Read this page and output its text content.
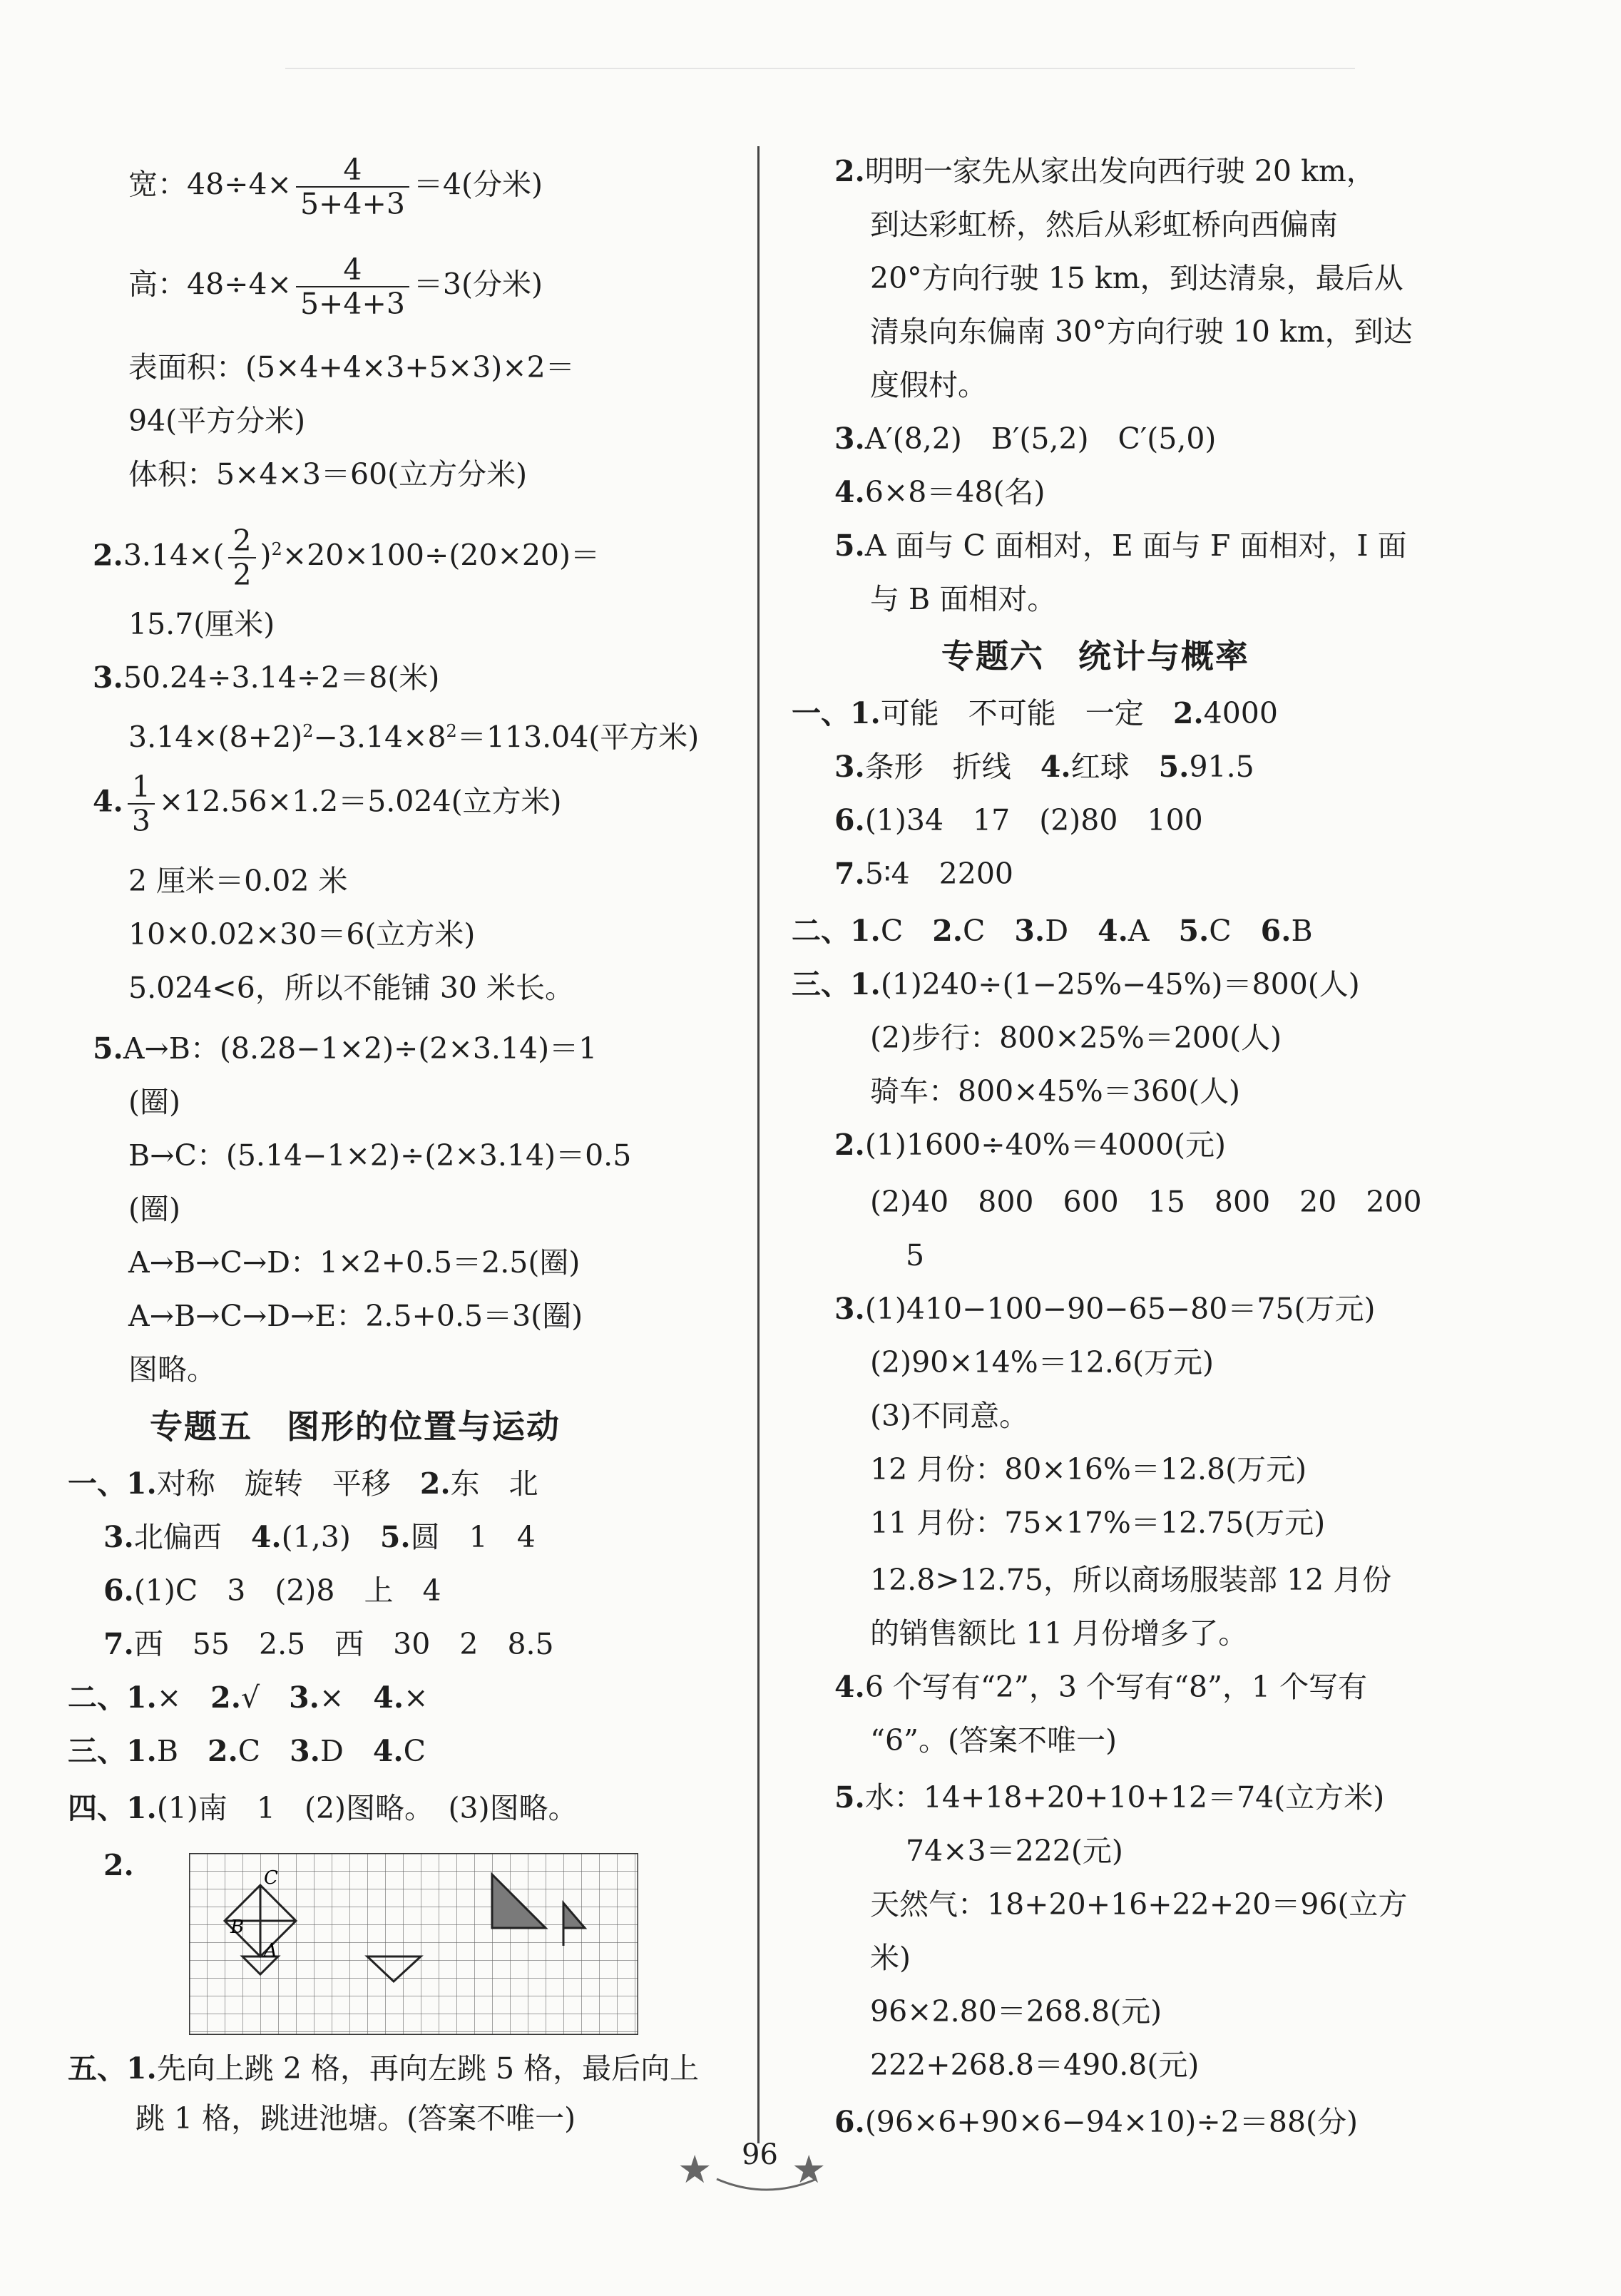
宽：$48\div 4\times \frac{4}{5+4+3} =4$(分米)
高：$48\div 4\times \frac{4}{5+4+3} =3$(分米)
表面积：(5×4+4×3+5×3)×2＝
94(平方分米)
体积：5×4×3＝60(立方分米)
$2.3.14\times( \frac{2}{2} )^2\times 20\times 100\div(20\times 20)=$
15.7(厘米)
3.50.24÷3.14÷2＝8(米)
$3.14\times(8+2)^2-3.14\times 8^2=113.04$(平方米)
4. $\frac{1}{3} \times 12.56\times 1.2=5.024$(立方米)
2 厘米＝0.02 米
10×0.02×30＝6(立方米)
5.024<6，所以不能铺 30 米长。
5.A→B：(8.28−1×2)÷(2×3.14)＝1
(圈)
B→C：(5.14−1×2)÷(2×3.14)＝0.5
(圈)
A→B→C→D：1×2+0.5＝2.5(圈)
A→B→C→D→E：2.5+0.5＝3(圈)
图略。
专题五　图形的位置与运动
一、1.对称　旋转　平移　2.东　北
3.北偏西　4.(1,3)　5.圆　1　4
6.(1)C　3　(2)8　上　4
7.西　55　2.5　西　30　2　8.5
二、1.×　2.√　3.×　4.×
三、1.B　2.C　3.D　4.C
四、1.(1)南　1　(2)图略。　(3)图略。
2.	C
B
A
五、1.先向上跳 2 格，再向左跳 5 格，最后向上
跳 1 格，跳进池塘。(答案不唯一)
2.明明一家先从家出发向西行驶 20 km，
到达彩虹桥，然后从彩虹桥向西偏南
20°方向行驶 15 km，到达清泉，最后从
清泉向东偏南 30°方向行驶 10 km，到达
度假村。
3.A′(8,2)　B′(5,2)　C′(5,0)
4.6×8＝48(名)
5.A 面与 C 面相对，E 面与 F 面相对，I 面
与 B 面相对。
专题六　统计与概率
一、1.可能　不可能　一定　2.4000
3.条形　折线　4.红球　5.91.5
6.(1)34　17　(2)80　100
7.5∶4　2200
二、1.C　2.C　3.D　4.A　5.C　6.B
三、1.(1)240÷(1−25%−45%)＝800(人)
(2)步行：800×25%＝200(人)
骑车：800×45%＝360(人)
2.(1)1600÷40%＝4000(元)
(2)40　800　600　15　800　20　200
5
3.(1)410−100−90−65−80＝75(万元)
(2)90×14%＝12.6(万元)
(3)不同意。
12 月份：80×16%＝12.8(万元)
11 月份：75×17%＝12.75(万元)
12.8>12.75，所以商场服装部 12 月份
的销售额比 11 月份增多了。
4.6 个写有“2”，3 个写有“8”，1 个写有
“6”。(答案不唯一)
5.水：14+18+20+10+12＝74(立方米)
74×3＝222(元)
天然气：18+20+16+22+20＝96(立方
米)
96×2.80＝268.8(元)
222+268.8＝490.8(元)
6.(96×6+90×6−94×10)÷2＝88(分)
96
★ ★
